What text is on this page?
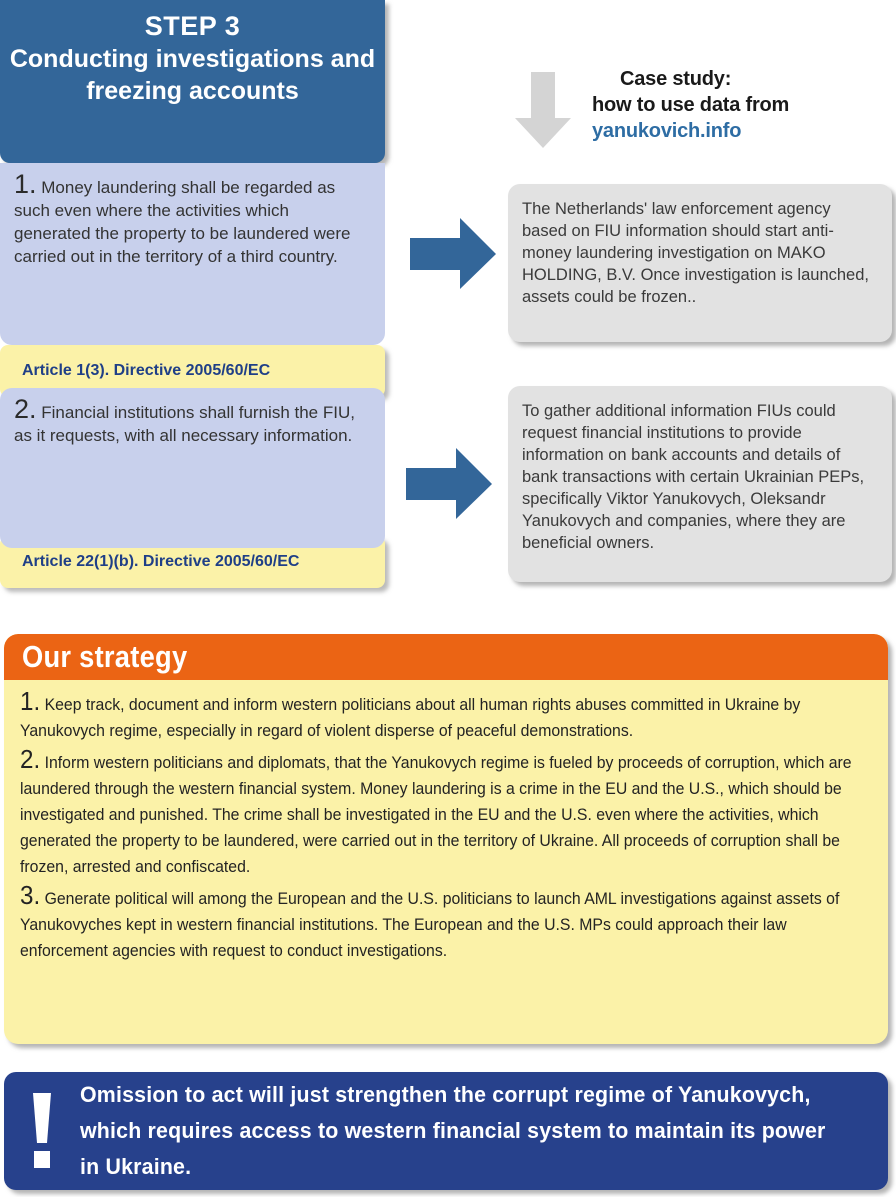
STEP 3
Conducting investigations and freezing accounts	Case study:
how to use data from
yanukovich.info
Article 1(3). Directive 2005/60/EC
1. Money laundering shall be regarded as such even where the activities which generated the property to be laundered were carried out in the territory of a third country.
Article 22(1)(b). Directive 2005/60/EC
2. Financial institutions shall furnish the FIU, as it requests, with all necessary information.
The Netherlands' law enforcement agency based on FIU information should start anti-money laundering investigation on MAKO HOLDING, B.V. Once investigation is launched, assets could be frozen..
To gather additional information FIUs could request financial institutions to provide information on bank accounts and details of bank transactions with certain Ukrainian PEPs, specifically Viktor Yanukovych, Oleksandr Yanukovych and companies, where they are beneficial owners.
Our strategy
1. Keep track, document and inform western politicians about all human rights abuses committed in Ukraine by Yanukovych regime, especially in regard of violent disperse of peaceful demonstrations.
2. Inform western politicians and diplomats, that the Yanukovych regime is fueled by proceeds of corruption, which are laundered through the western financial system. Money laundering is a crime in the EU and the U.S., which should be investigated and punished. The crime shall be investigated in the EU and the U.S. even where the activities, which generated the property to be laundered, were carried out in the territory of Ukraine. All proceeds of corruption shall be frozen, arrested and confiscated.
3. Generate political will among the European and the U.S. politicians to launch AML investigations against assets of Yanukovyches kept in western financial institutions. The European and the U.S. MPs could approach their law enforcement agencies with request to conduct investigations.
Omission to act will just strengthen the corrupt regime of Yanukovych, which requires access to western financial system to maintain its power in Ukraine.
